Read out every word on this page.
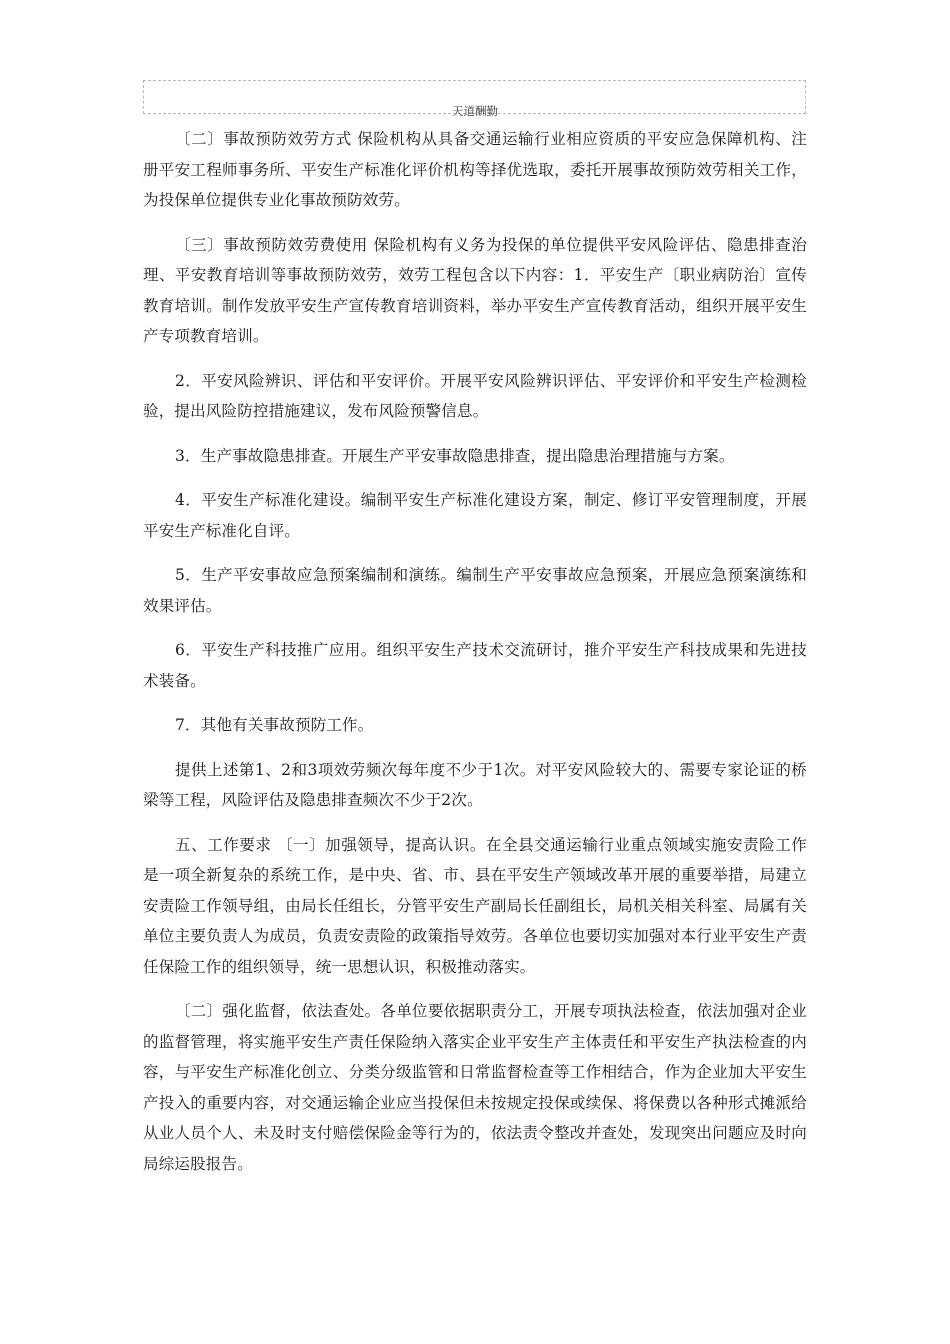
天道酬勤

〔二〕事故预防效劳方式 保险机构从具备交通运输行业相应资质的平安应急保障机构、注册平安工程师事务所、平安生产标准化评价机构等择优选取，委托开展事故预防效劳相关工作，为投保单位提供专业化事故预防效劳。

〔三〕事故预防效劳费使用 保险机构有义务为投保的单位提供平安风险评估、隐患排查治理、平安教育培训等事故预防效劳，效劳工程包含以下内容：1．平安生产〔职业病防治〕宣传教育培训。制作发放平安生产宣传教育培训资料，举办平安生产宣传教育活动，组织开展平安生产专项教育培训。

2．平安风险辨识、评估和平安评价。开展平安风险辨识评估、平安评价和平安生产检测检验，提出风险防控措施建议，发布风险预警信息。

3．生产事故隐患排查。开展生产平安事故隐患排查，提出隐患治理措施与方案。

4．平安生产标准化建设。编制平安生产标准化建设方案，制定、修订平安管理制度，开展平安生产标准化自评。

5．生产平安事故应急预案编制和演练。编制生产平安事故应急预案，开展应急预案演练和效果评估。

6．平安生产科技推广应用。组织平安生产技术交流研讨，推介平安生产科技成果和先进技术装备。

7．其他有关事故预防工作。

提供上述第1、2和3项效劳频次每年度不少于1次。对平安风险较大的、需要专家论证的桥梁等工程，风险评估及隐患排查频次不少于2次。

五、工作要求 〔一〕加强领导，提高认识。在全县交通运输行业重点领域实施安责险工作是一项全新复杂的系统工作，是中央、省、市、县在平安生产领域改革开展的重要举措，局建立安责险工作领导组，由局长任组长，分管平安生产副局长任副组长，局机关相关科室、局属有关单位主要负责人为成员，负责安责险的政策指导效劳。各单位也要切实加强对本行业平安生产责任保险工作的组织领导，统一思想认识，积极推动落实。

〔二〕强化监督，依法查处。各单位要依据职责分工，开展专项执法检查，依法加强对企业的监督管理，将实施平安生产责任保险纳入落实企业平安生产主体责任和平安生产执法检查的内容，与平安生产标准化创立、分类分级监管和日常监督检查等工作相结合，作为企业加大平安生产投入的重要内容，对交通运输企业应当投保但未按规定投保或续保、将保费以各种形式摊派给从业人员个人、未及时支付赔偿保险金等行为的，依法责令整改并查处，发现突出问题应及时向局综运股报告。
